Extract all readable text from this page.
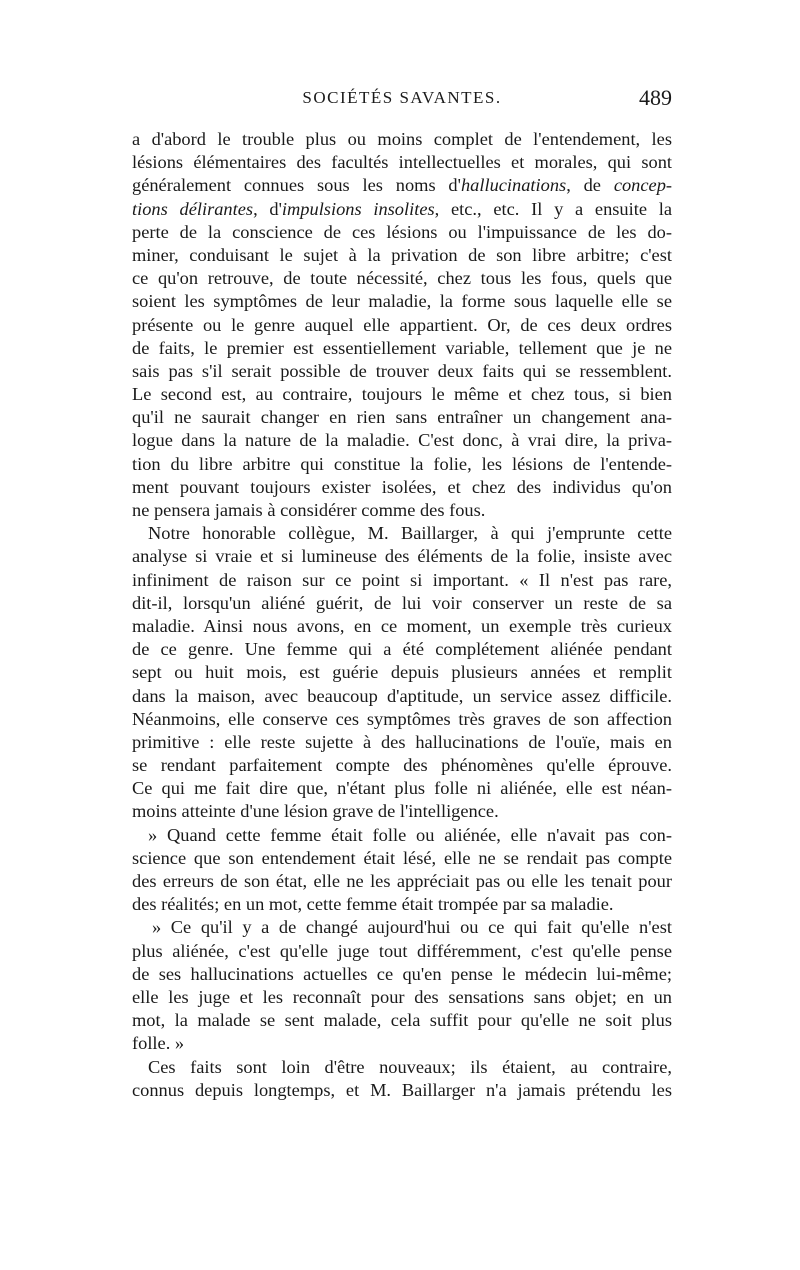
SOCIÉTÉS SAVANTES.	489
a d'abord le trouble plus ou moins complet de l'entendement, les
lésions élémentaires des facultés intellectuelles et morales, qui sont
généralement connues sous les noms d'hallucinations, de concep-
tions délirantes, d'impulsions insolites, etc., etc. Il y a ensuite la
perte de la conscience de ces lésions ou l'impuissance de les do-
miner, conduisant le sujet à la privation de son libre arbitre; c'est
ce qu'on retrouve, de toute nécessité, chez tous les fous, quels que
soient les symptômes de leur maladie, la forme sous laquelle elle se
présente ou le genre auquel elle appartient. Or, de ces deux ordres
de faits, le premier est essentiellement variable, tellement que je ne
sais pas s'il serait possible de trouver deux faits qui se ressemblent.
Le second est, au contraire, toujours le même et chez tous, si bien
qu'il ne saurait changer en rien sans entraîner un changement ana-
logue dans la nature de la maladie. C'est donc, à vrai dire, la priva-
tion du libre arbitre qui constitue la folie, les lésions de l'entende-
ment pouvant toujours exister isolées, et chez des individus qu'on
ne pensera jamais à considérer comme des fous.
Notre honorable collègue, M. Baillarger, à qui j'emprunte cette
analyse si vraie et si lumineuse des éléments de la folie, insiste avec
infiniment de raison sur ce point si important. « Il n'est pas rare,
dit-il, lorsqu'un aliéné guérit, de lui voir conserver un reste de sa
maladie. Ainsi nous avons, en ce moment, un exemple très curieux
de ce genre. Une femme qui a été complétement aliénée pendant
sept ou huit mois, est guérie depuis plusieurs années et remplit
dans la maison, avec beaucoup d'aptitude, un service assez difficile.
Néanmoins, elle conserve ces symptômes très graves de son affection
primitive : elle reste sujette à des hallucinations de l'ouïe, mais en
se rendant parfaitement compte des phénomènes qu'elle éprouve.
Ce qui me fait dire que, n'étant plus folle ni aliénée, elle est néan-
moins atteinte d'une lésion grave de l'intelligence.
» Quand cette femme était folle ou aliénée, elle n'avait pas con-
science que son entendement était lésé, elle ne se rendait pas compte
des erreurs de son état, elle ne les appréciait pas ou elle les tenait pour
des réalités; en un mot, cette femme était trompée par sa maladie.
» Ce qu'il y a de changé aujourd'hui ou ce qui fait qu'elle n'est
plus aliénée, c'est qu'elle juge tout différemment, c'est qu'elle pense
de ses hallucinations actuelles ce qu'en pense le médecin lui-même;
elle les juge et les reconnaît pour des sensations sans objet; en un
mot, la malade se sent malade, cela suffit pour qu'elle ne soit plus
folle. »
Ces faits sont loin d'être nouveaux; ils étaient, au contraire,
connus depuis longtemps, et M. Baillarger n'a jamais prétendu les
